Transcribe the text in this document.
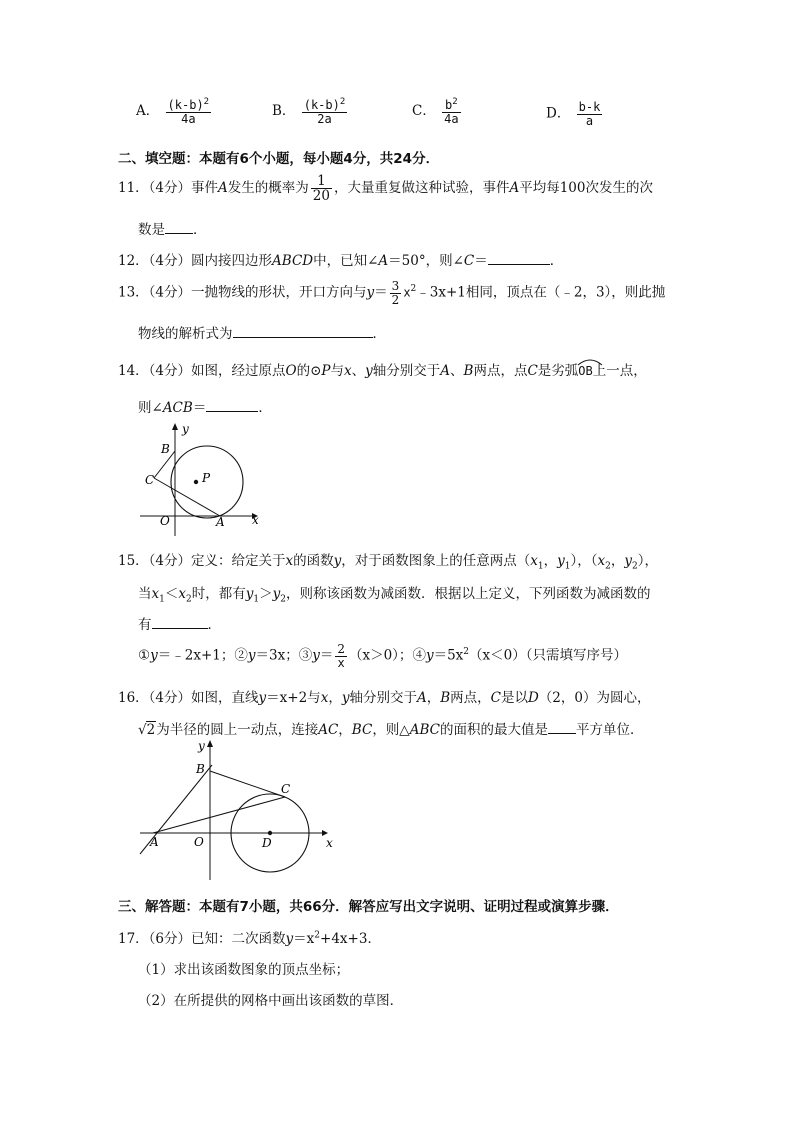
A． $\frac{(k-b)^2}{4a}$	B． $\frac{(k-b)^2}{2a}$	C． $\frac{b^2}{4a}$	D． $\frac{b-k}{a}$
二、填空题：本题有6个小题，每小题4分，共24分．
11．（4分）事件A发生的概率为 $\frac{1}{20}$ ，大量重复做这种试验，事件A平均每100次发生的次
数是 ．
12．（4分）圆内接四边形ABCD中，已知∠A＝50°，则∠C＝	．
13．（4分）一抛物线的形状，开口方向与$y= \frac{3}{2}$ $x^2﹣3x+1$相同，顶点在（﹣2，3），则此抛
物线的解析式为	．
14．（4分）如图，经过原点O的⊙P与x、y轴分别交于A、B两点，点C是劣弧
OB上一点，
则∠ACB＝	．
y
x
B
C	P
O	A
15．（4分）定义：给定关于x的函数y，对于函数图象上的任意两点（$x_1$，$y_1$），（$x_2$，$y_2$），
当$x_1<x_2$时，都有$y_1>y_2$，则称该函数为减函数．根据以上定义，下列函数为减函数的
有	．
①y＝﹣2x+1；②y＝3x；③y＝ $\frac{2}{x} (x>0)$；$④y=5x^2(x<0)$（只需填写序号）
16．（4分）如图，直线y＝x+2与x，y轴分别交于A，B两点，C是以D（2，0）为圆心，
√2为半径的圆上一动点，连接AC，BC，则△ABC的面积的最大值是 平方单位．
y
x
B
C
A	O	D
三、解答题：本题有7小题，共66分．解答应写出文字说明、证明过程或演算步骤．
17．（6分）已知：二次函数$y=x^2+4x+3$．
（1）求出该函数图象的顶点坐标；
（2）在所提供的网格中画出该函数的草图．
